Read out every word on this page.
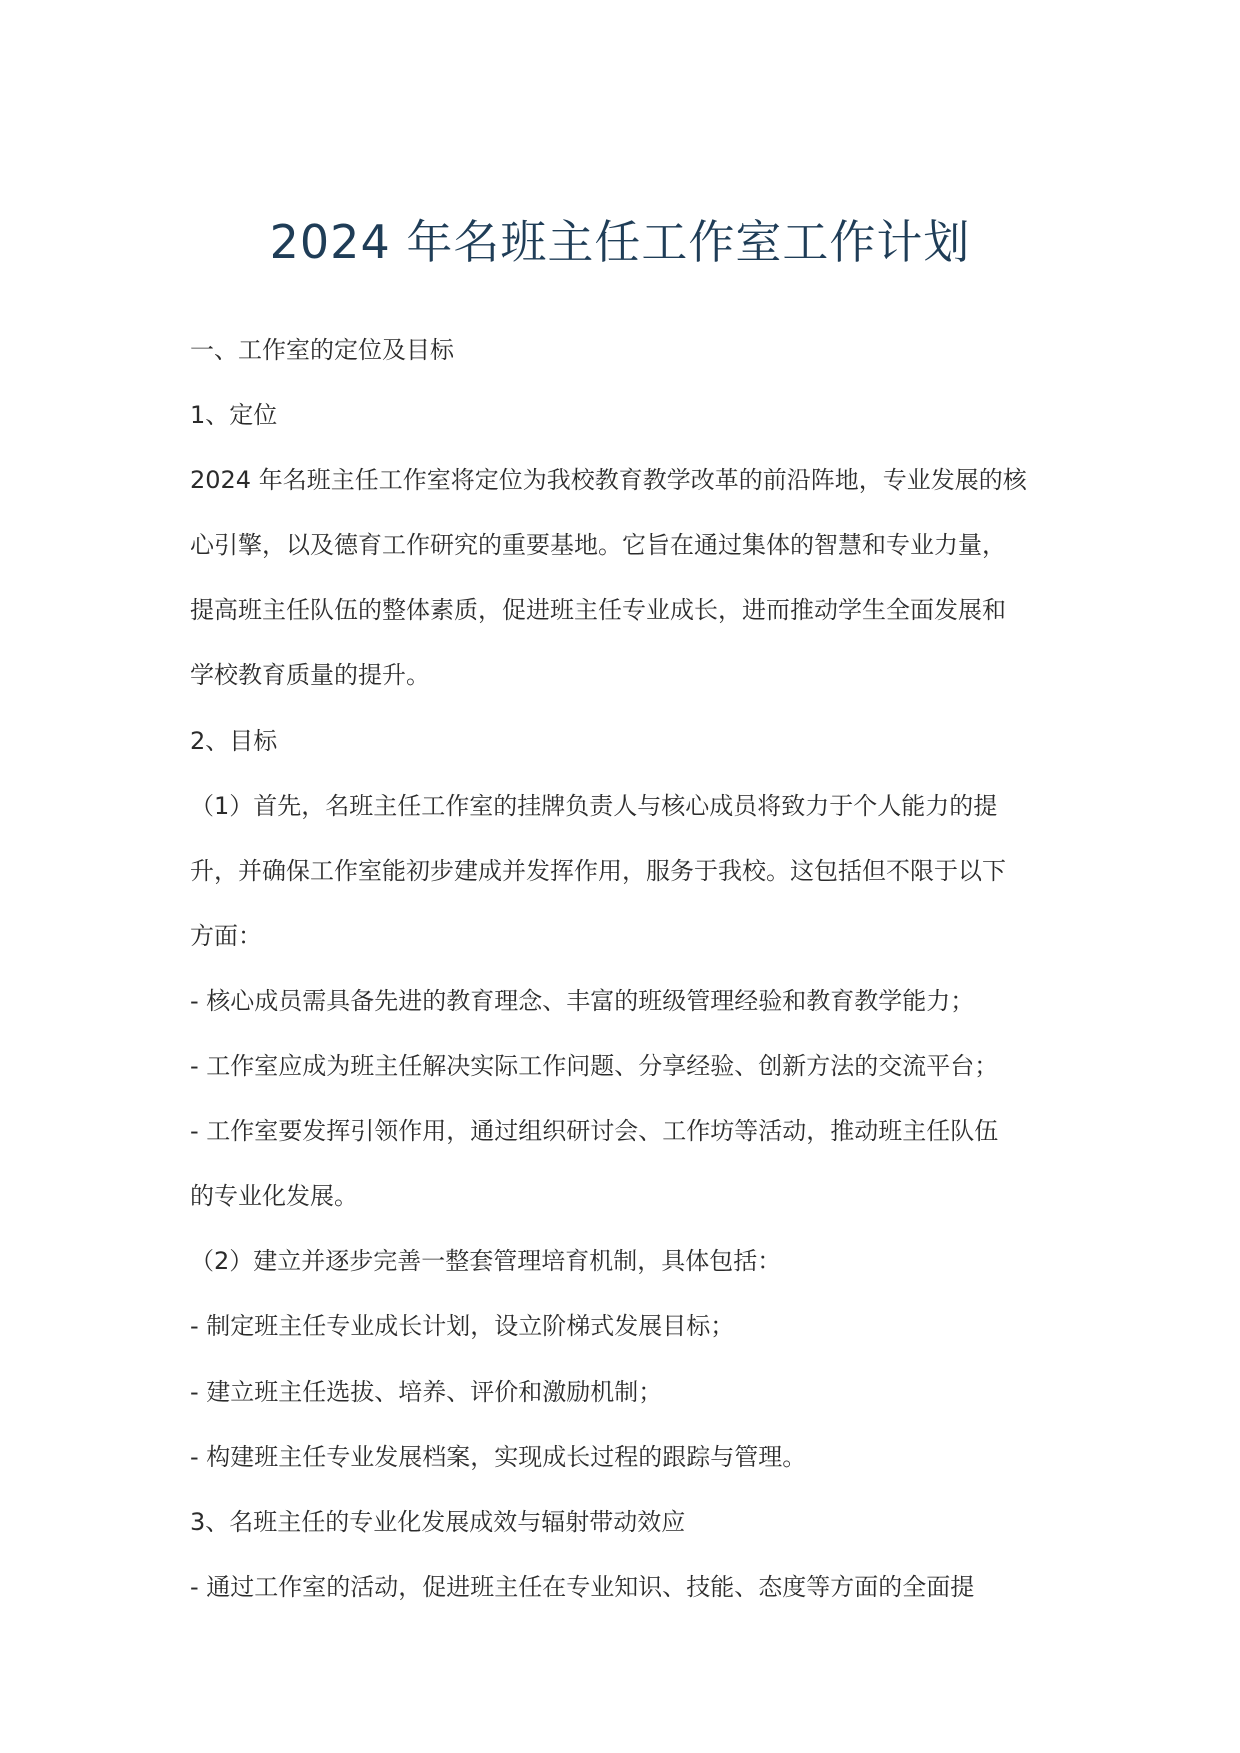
2024 年名班主任工作室工作计划
一、工作室的定位及目标
1、定位
2024 年名班主任工作室将定位为我校教育教学改革的前沿阵地，专业发展的核
心引擎，以及德育工作研究的重要基地。它旨在通过集体的智慧和专业力量，
提高班主任队伍的整体素质，促进班主任专业成长，进而推动学生全面发展和
学校教育质量的提升。
2、目标
（1）首先，名班主任工作室的挂牌负责人与核心成员将致力于个人能力的提
升，并确保工作室能初步建成并发挥作用，服务于我校。这包括但不限于以下
方面：
- 核心成员需具备先进的教育理念、丰富的班级管理经验和教育教学能力；
- 工作室应成为班主任解决实际工作问题、分享经验、创新方法的交流平台；
- 工作室要发挥引领作用，通过组织研讨会、工作坊等活动，推动班主任队伍
的专业化发展。
（2）建立并逐步完善一整套管理培育机制，具体包括：
- 制定班主任专业成长计划，设立阶梯式发展目标；
- 建立班主任选拔、培养、评价和激励机制；
- 构建班主任专业发展档案，实现成长过程的跟踪与管理。
3、名班主任的专业化发展成效与辐射带动效应
- 通过工作室的活动，促进班主任在专业知识、技能、态度等方面的全面提
